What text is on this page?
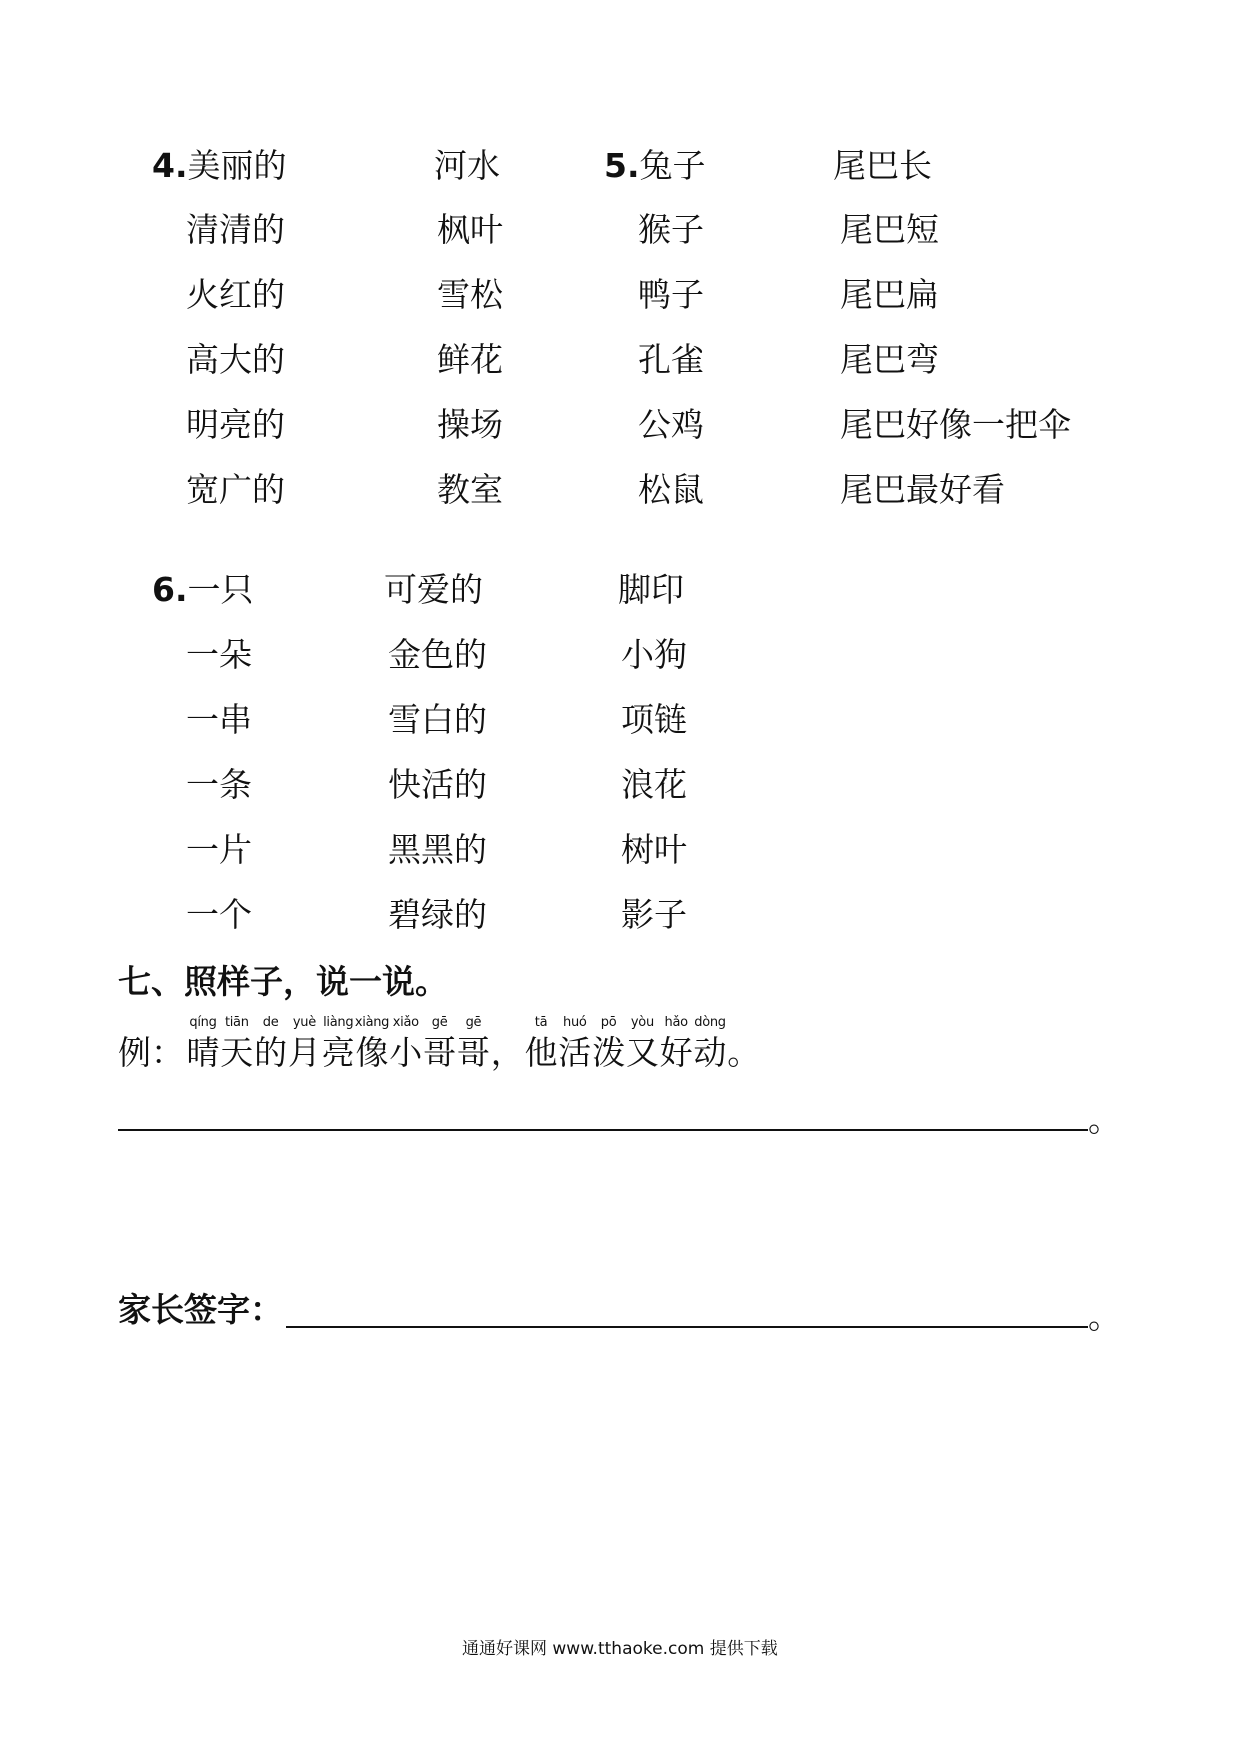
4.美丽的
清清的
火红的
高大的
明亮的
宽广的
河水
枫叶
雪松
鲜花
操场
教室
5.兔子
猴子
鸭子
孔雀
公鸡
松鼠
尾巴长
尾巴短
尾巴扁
尾巴弯
尾巴好像一把伞
尾巴最好看
6.一只
一朵
一串
一条
一片
一个
可爱的
金色的
雪白的
快活的
黑黑的
碧绿的
脚印
小狗
项链
浪花
树叶
影子
七、照样子，说一说。
例：
qíng
晴
tiān
天
de
的
yuè
月
liàng
亮
xiàng
像
xiǎo
小
gē
哥
gē
哥 ，
tā
他
huó
活
pō
泼
yòu
又
hǎo
好
dòng
动 。
。
家长签字：	。
通通好课网 www.tthaoke.com 提供下载
